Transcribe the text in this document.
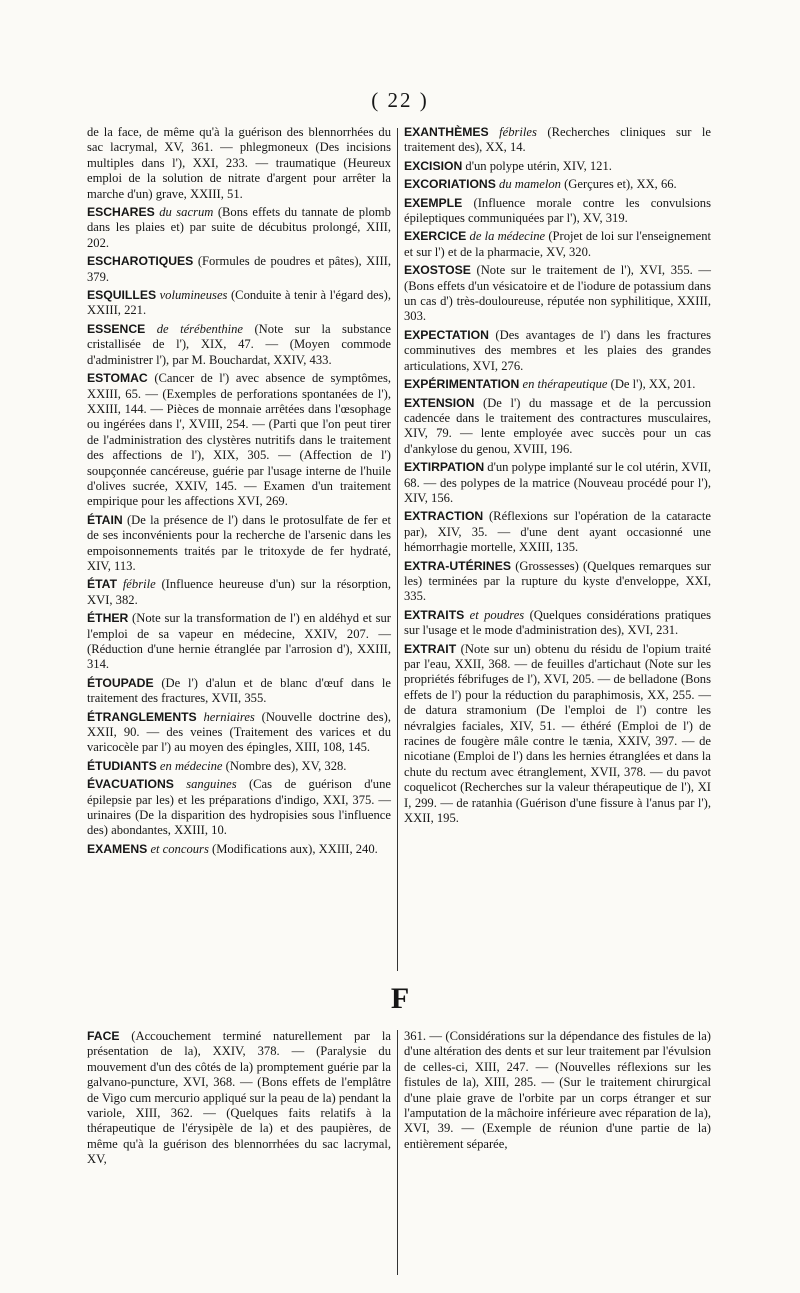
( 22 )

de la face, de même qu'à la guérison des blennorrhées du sac lacrymal, XV, 361. — phlegmoneux (Des incisions multiples dans l'), XXI, 233. — traumatique (Heureux emploi de la solution de nitrate d'argent pour arrêter la marche d'un) grave, XXIII, 51.

ESCHARES du sacrum (Bons effets du tannate de plomb dans les plaies et) par suite de décubitus prolongé, XIII, 202.

ESCHAROTIQUES (Formules de poudres et pâtes), XIII, 379.

ESQUILLES volumineuses (Conduite à tenir à l'égard des), XXIII, 221.

ESSENCE de térébenthine (Note sur la substance cristallisée de l'), XIX, 47. — (Moyen commode d'administrer l'), par M. Bouchardat, XXIV, 433.

ESTOMAC (Cancer de l') avec absence de symptômes, XXIII, 65. — (Exemples de perforations spontanées de l'), XXIII, 144. — Pièces de monnaie arrêtées dans l'œsophage ou ingérées dans l', XVIII, 254. — (Parti que l'on peut tirer de l'administration des clystères nutritifs dans le traitement des affections de l'), XIX, 305. — (Affection de l') soupçonnée cancéreuse, guérie par l'usage interne de l'huile d'olives sucrée, XXIV, 145. — Examen d'un traitement empirique pour les affections XVI, 269.

ÉTAIN (De la présence de l') dans le protosulfate de fer et de ses inconvénients pour la recherche de l'arsenic dans les empoisonnements traités par le tritoxyde de fer hydraté, XIV, 113.

ÉTAT fébrile (Influence heureuse d'un) sur la résorption, XVI, 382.

ÉTHER (Note sur la transformation de l') en aldéhyd et sur l'emploi de sa vapeur en médecine, XXIV, 207. — (Réduction d'une hernie étranglée par l'arrosion d'), XXIII, 314.

ÉTOUPADE (De l') d'alun et de blanc d'œuf dans le traitement des fractures, XVII, 355.

ÉTRANGLEMENTS herniaires (Nouvelle doctrine des), XXII, 90. — des veines (Traitement des varices et du varicocèle par l') au moyen des épingles, XIII, 108, 145.

ÉTUDIANTS en médecine (Nombre des), XV, 328.

ÉVACUATIONS sanguines (Cas de guérison d'une épilepsie par les) et les préparations d'indigo, XXI, 375. — urinaires (De la disparition des hydropisies sous l'influence des) abondantes, XXIII, 10.

EXAMENS et concours (Modifications aux), XXIII, 240.

EXANTHÈMES fébriles (Recherches cliniques sur le traitement des), XX, 14.

EXCISION d'un polype utérin, XIV, 121.

EXCORIATIONS du mamelon (Gerçures et), XX, 66.

EXEMPLE (Influence morale contre les convulsions épileptiques communiquées par l'), XV, 319.

EXERCICE de la médecine (Projet de loi sur l'enseignement et sur l') et de la pharmacie, XV, 320.

EXOSTOSE (Note sur le traitement de l'), XVI, 355. — (Bons effets d'un vésicatoire et de l'iodure de potassium dans un cas d') très-douloureuse, réputée non syphilitique, XXIII, 303.

EXPECTATION (Des avantages de l') dans les fractures comminutives des membres et les plaies des grandes articulations, XVI, 276.

EXPÉRIMENTATION en thérapeutique (De l'), XX, 201.

EXTENSION (De l') du massage et de la percussion cadencée dans le traitement des contractures musculaires, XIV, 79. — lente employée avec succès pour un cas d'ankylose du genou, XVIII, 196.

EXTIRPATION d'un polype implanté sur le col utérin, XVII, 68. — des polypes de la matrice (Nouveau procédé pour l'), XIV, 156.

EXTRACTION (Réflexions sur l'opération de la cataracte par), XIV, 35. — d'une dent ayant occasionné une hémorrhagie mortelle, XXIII, 135.

EXTRA-UTÉRINES (Grossesses) (Quelques remarques sur les) terminées par la rupture du kyste d'enveloppe, XXI, 335.

EXTRAITS et poudres (Quelques considérations pratiques sur l'usage et le mode d'administration des), XVI, 231.

EXTRAIT (Note sur un) obtenu du résidu de l'opium traité par l'eau, XXII, 368. — de feuilles d'artichaut (Note sur les propriétés fébrifuges de l'), XVI, 205. — de belladone (Bons effets de l') pour la réduction du paraphimosis, XX, 255. — de datura stramonium (De l'emploi de l') contre les névralgies faciales, XIV, 51. — éthéré (Emploi de l') de racines de fougère mâle contre le tænia, XXIV, 397. — de nicotiane (Emploi de l') dans les hernies étranglées et dans la chute du rectum avec étranglement, XVII, 378. — du pavot coquelicot (Recherches sur la valeur thérapeutique de l'), XI I, 299. — de ratanhia (Guérison d'une fissure à l'anus par l'), XXII, 195.

F

FACE (Accouchement terminé naturellement par la présentation de la), XXIV, 378. — (Paralysie du mouvement d'un des côtés de la) promptement guérie par la galvano-puncture, XVI, 368. — (Bons effets de l'emplâtre de Vigo cum mercurio appliqué sur la peau de la) pendant la variole, XIII, 362. — (Quelques faits relatifs à la thérapeutique de l'érysipèle de la) et des paupières, de même qu'à la guérison des blennorrhées du sac lacrymal, XV,

361. — (Considérations sur la dépendance des fistules de la) d'une altération des dents et sur leur traitement par l'évulsion de celles-ci, XIII, 247. — (Nouvelles réflexions sur les fistules de la), XIII, 285. — (Sur le traitement chirurgical d'une plaie grave de l'orbite par un corps étranger et sur l'amputation de la mâchoire inférieure avec réparation de la), XVI, 39. — (Exemple de réunion d'une partie de la) entièrement séparée,
